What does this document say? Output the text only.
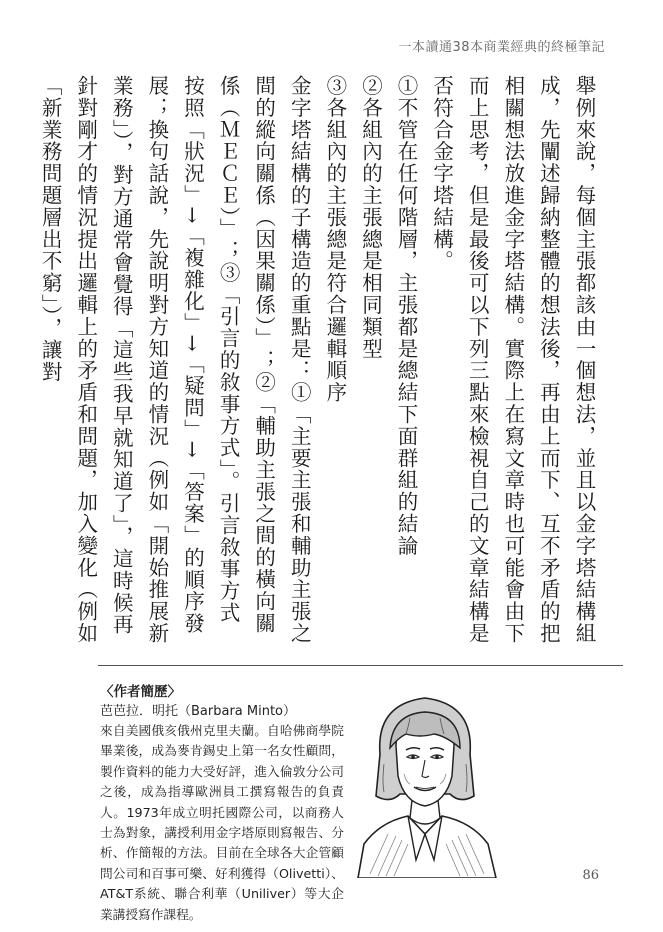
一本讀通38本商業經典的終極筆記

舉例來說，每個主張都該由一個想法，並且以金字塔結構組成，先闡述歸納整體的想法後，再由上而下、互不矛盾的把相關想法放進金字塔結構。實際上在寫文章時也可能會由下而上思考，但是最後可以下列三點來檢視自己的文章結構是否符合金字塔結構。

①不管在任何階層，主張都是總結下面群組的結論

②各組內的主張總是相同類型

③各組內的主張總是符合邏輯順序

金字塔結構的子構造的重點是：①「主要主張和輔助主張之間的縱向關係（因果關係）」；②「輔助主張之間的橫向關係（ＭＥＣＥ）」；③「引言的敘事方式」。引言敘事方式按照「狀況」→「複雜化」→「疑問」→「答案」的順序發展；換句話說，先說明對方知道的情況（例如「開始推展新業務」），對方通常會覺得「這些我早就知道了」，這時候再針對剛才的情況提出邏輯上的矛盾和問題，加入變化（例如「新業務問題層出不窮」），讓對

〈作者簡歷〉
芭芭拉．明托（Barbara Minto）
來自美國俄亥俄州克里夫蘭。自哈佛商學院畢業後，成為麥肯錫史上第一名女性顧問，製作資料的能力大受好評，進入倫敦分公司之後，成為指導歐洲員工撰寫報告的負責人。1973年成立明托國際公司，以商務人士為對象，講授利用金字塔原則寫報告、分析、作簡報的方法。目前在全球各大企管顧問公司和百事可樂、好利獲得（Olivetti）、AT&T系統、聯合利華（Uniliver）等大企業講授寫作課程。
86
